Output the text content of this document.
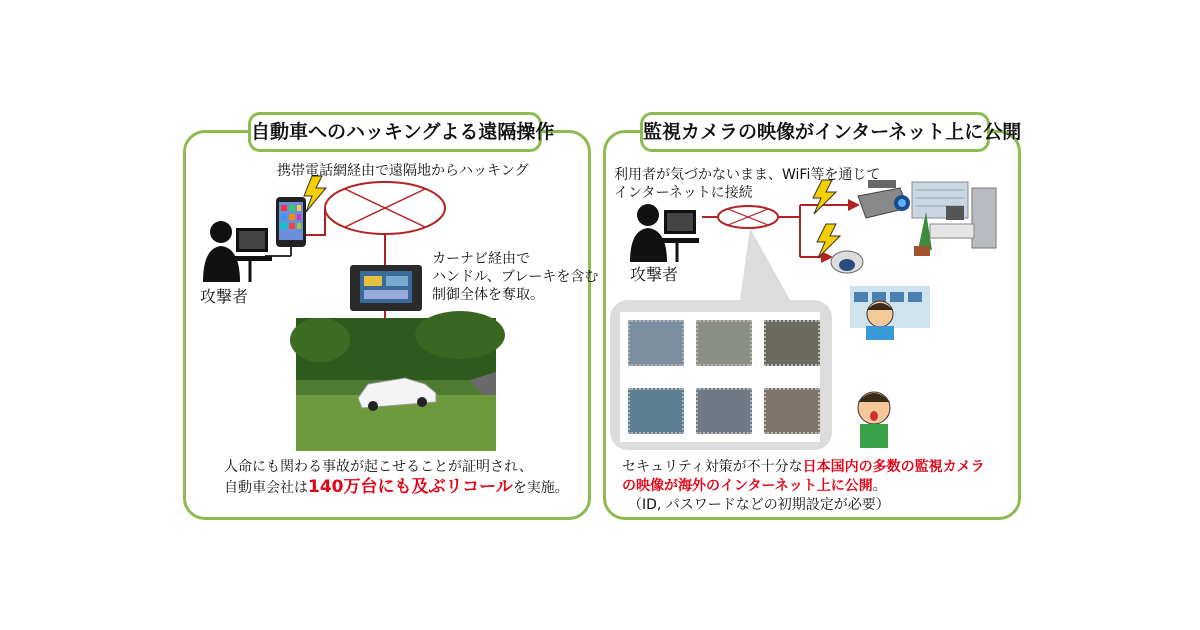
自動車へのハッキングよる遠隔操作	監視カメラの映像がインターネット上に公開
携帯電話網経由で遠隔地からハッキング
カーナビ経由で
ハンドル、ブレーキを含む
制御全体を奪取。
攻撃者
人命にも関わる事故が起こせることが証明され、
自動車会社は140万台にも及ぶリコールを実施。
利用者が気づかないまま、WiFi等を通じて
インターネットに接続
攻撃者
セキュリティ対策が不十分な日本国内の多数の監視カメラ
の映像が海外のインターネット上に公開。
（ID, パスワードなどの初期設定が必要）
